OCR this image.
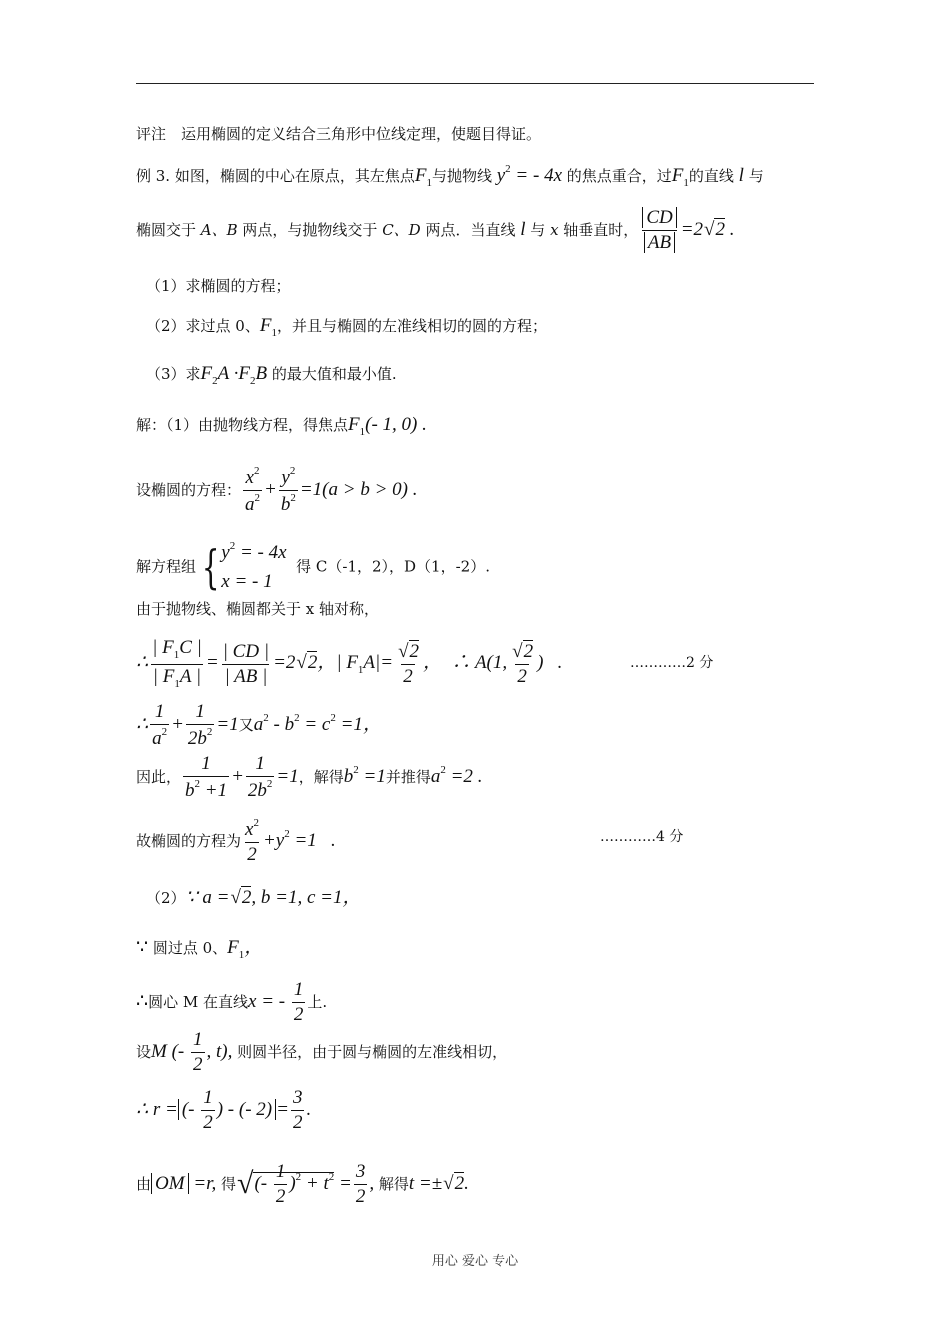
评注　运用椭圆的定义结合三角形中位线定理，使题目得证。
例 3. 如图，椭圆的中心在原点，其左焦点$F_1$与抛物线 $y^2$ = - 4x 的焦点重合，过$F_1$的直线 l 与
椭圆交于 A、B 两点，与抛物线交于 C、D 两点．当直线 l 与 x 轴垂直时， $\frac{CD}{AB} =2√2$ .
（1）求椭圆的方程；
（2）求过点 0、$F_1$，并且与椭圆的左准线相切的圆的方程；
（3）求$F_2A \cdot F_2B$ 的最大值和最小值.
解：（1）由抛物线方程，得焦点$F_1(-$ 1, 0) .
设椭圆的方程： $\frac{x^2}{a^2} + \frac{y^2}{b^2} =1(a > b > 0)$ .
解方程组 { $y^2$ = - 4x
x = - 1
得 C（-1，2），D（1，-2）.
由于抛物线、椭圆都关于 x 轴对称，
∴ $\frac{| F_1C |}{| F_1A |} = \frac{| CD |}{| AB |} =2√2$，| $F_1A|= \frac{√2}{2}$ ，  ∴ A(1, $\frac{√2}{2}$ )   .	…………2 分
∴ $\frac{1}{a^2} + \frac{1}{2b^2} =1$又$a^2 - b^2 = c^2 =1$，
因此， $\frac{1}{b^2 +1} + \frac{1}{2b^2} =1$，解得$b^2 =1$并推得$a^2 =2$ .
故椭圆的方程为 $\frac{x^2}{2} +y^2 =1$   .	…………4 分
（2）∵ a =√2, b =1, c =1，
∵ 圆过点 0、$F_1$，
∴圆心 M 在直线x = - $\frac{1}{2}$ 上.
设M (- $\frac{1}{2}$ , t), 则圆半径，由于圆与椭圆的左准线相切，
∴ r = (- $\frac{1}{2}$ ) - (- $2) = \frac{3}{2}$ .
由 OM =r, 得√(- $\frac{1}{2} )^2 + t^2 = \frac{3}{2}$ , 解得t =±√2.
用心 爱心 专心
